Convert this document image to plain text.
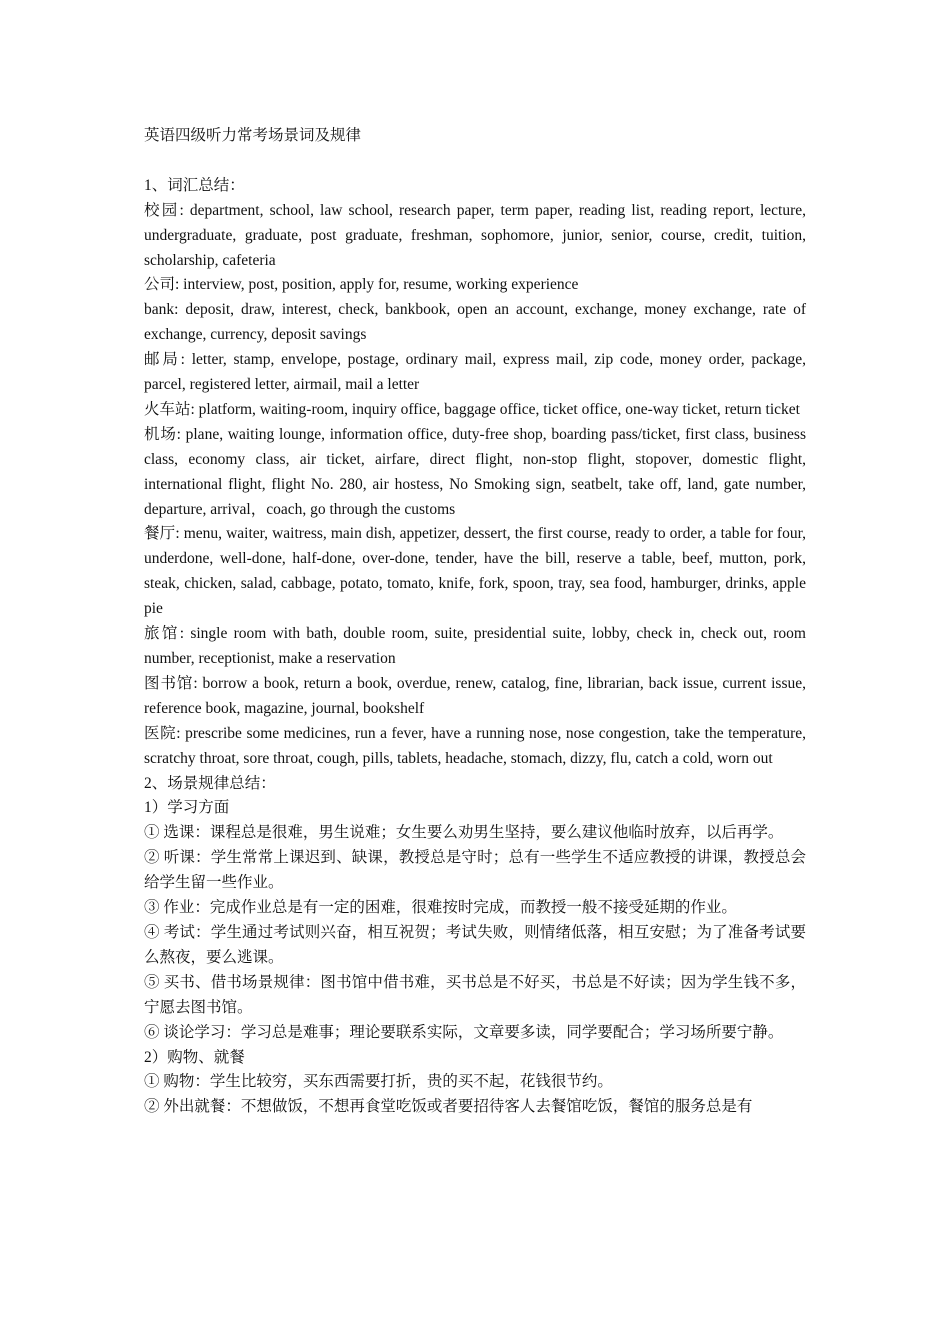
英语四级听力常考场景词及规律

1、词汇总结：

校园: department, school, law school, research paper, term paper, reading list, reading report, lecture, undergraduate, graduate, post graduate, freshman, sophomore, junior, senior, course, credit, tuition, scholarship, cafeteria

公司: interview, post, position, apply for, resume, working experience

bank: deposit, draw, interest, check, bankbook, open an account, exchange, money exchange, rate of exchange, currency, deposit savings

邮局: letter, stamp, envelope, postage, ordinary mail, express mail, zip code, money order, package, parcel, registered letter, airmail, mail a letter

火车站: platform, waiting-room, inquiry office, baggage office, ticket office, one-way ticket, return ticket

机场: plane, waiting lounge, information office, duty-free shop, boarding pass/ticket, first class, business class, economy class, air ticket, airfare, direct flight, non-stop flight, stopover, domestic flight, international flight, flight No. 280, air hostess, No Smoking sign, seatbelt, take off, land, gate number, departure, arrival，coach, go through the customs

餐厅: menu, waiter, waitress, main dish, appetizer, dessert, the first course, ready to order, a table for four, underdone, well-done, half-done, over-done, tender, have the bill, reserve a table, beef, mutton, pork, steak, chicken, salad, cabbage, potato, tomato, knife, fork, spoon, tray, sea food, hamburger, drinks, apple pie

旅馆: single room with bath, double room, suite, presidential suite, lobby, check in, check out, room number, receptionist, make a reservation

图书馆: borrow a book, return a book, overdue, renew, catalog, fine, librarian, back issue, current issue, reference book, magazine, journal, bookshelf

医院: prescribe some medicines, run a fever, have a running nose, nose congestion, take the temperature, scratchy throat, sore throat, cough, pills, tablets, headache, stomach, dizzy, flu, catch a cold, worn out

2、场景规律总结：

1）学习方面

① 选课：课程总是很难，男生说难；女生要么劝男生坚持，要么建议他临时放弃，以后再学。

② 听课：学生常常上课迟到、缺课，教授总是守时；总有一些学生不适应教授的讲课，教授总会给学生留一些作业。

③ 作业：完成作业总是有一定的困难，很难按时完成，而教授一般不接受延期的作业。

④ 考试：学生通过考试则兴奋，相互祝贺；考试失败，则情绪低落，相互安慰；为了准备考试要么熬夜，要么逃课。

⑤ 买书、借书场景规律：图书馆中借书难，买书总是不好买，书总是不好读；因为学生钱不多，宁愿去图书馆。

⑥ 谈论学习：学习总是难事；理论要联系实际，文章要多读，同学要配合；学习场所要宁静。

2）购物、就餐

① 购物：学生比较穷，买东西需要打折，贵的买不起，花钱很节约。

② 外出就餐：不想做饭，不想再食堂吃饭或者要招待客人去餐馆吃饭，餐馆的服务总是有
